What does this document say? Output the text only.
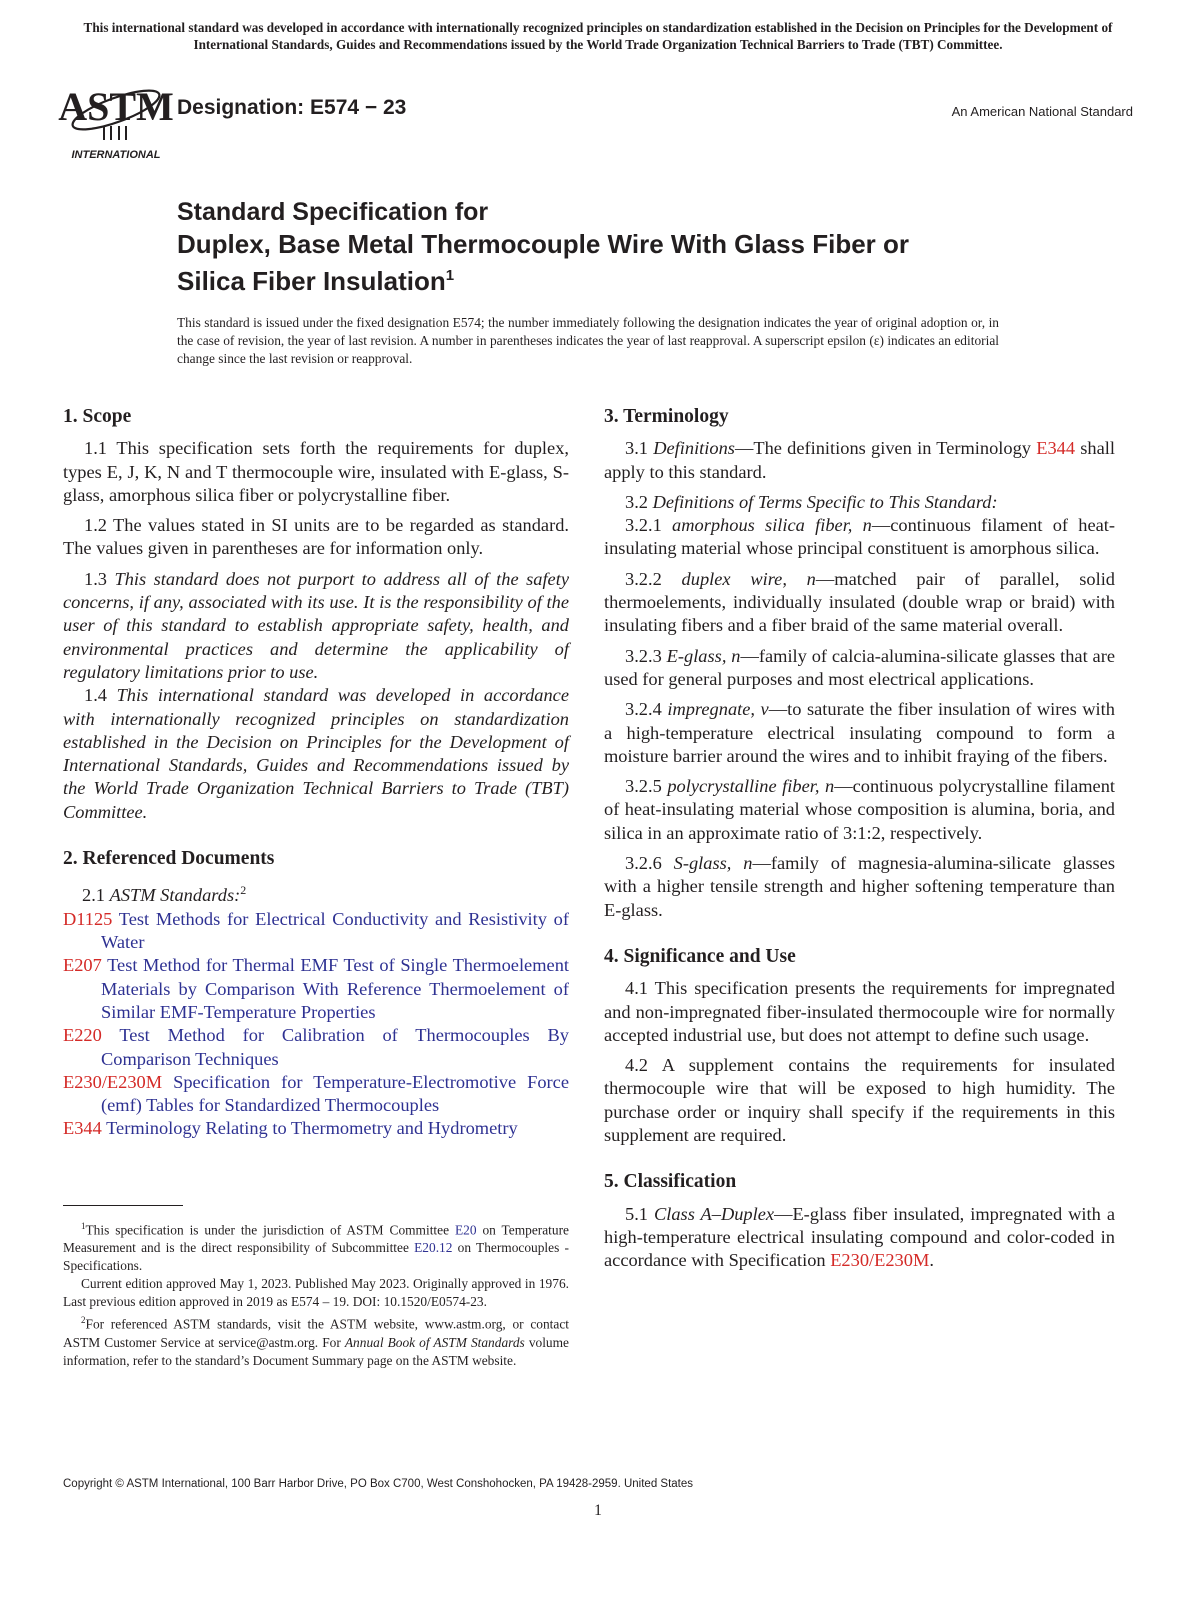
This international standard was developed in accordance with internationally recognized principles on standardization established in the Decision on Principles for the Development of International Standards, Guides and Recommendations issued by the World Trade Organization Technical Barriers to Trade (TBT) Committee.
ASTM
INTERNATIONAL
Designation: E574 − 23	An American National Standard
Standard Specification for
Duplex, Base Metal Thermocouple Wire With Glass Fiber or
Silica Fiber Insulation$^1$
This standard is issued under the fixed designation E574; the number immediately following the designation indicates the year of original adoption or, in the case of revision, the year of last revision. A number in parentheses indicates the year of last reapproval. A superscript epsilon (ε) indicates an editorial change since the last revision or reapproval.
1. Scope

1.1 This specification sets forth the requirements for duplex, types E, J, K, N and T thermocouple wire, insulated with E-glass, S-glass, amorphous silica fiber or polycrystalline fiber.

1.2 The values stated in SI units are to be regarded as standard. The values given in parentheses are for information only.

1.3 This standard does not purport to address all of the safety concerns, if any, associated with its use. It is the responsibility of the user of this standard to establish appropriate safety, health, and environmental practices and determine the applicability of regulatory limitations prior to use.

1.4 This international standard was developed in accordance with internationally recognized principles on standardization established in the Decision on Principles for the Development of International Standards, Guides and Recommendations issued by the World Trade Organization Technical Barriers to Trade (TBT) Committee.

2. Referenced Documents

2.1 ASTM Standards:$^2$

D1125 Test Methods for Electrical Conductivity and Resistivity of Water

E207 Test Method for Thermal EMF Test of Single Thermoelement Materials by Comparison With Reference Thermoelement of Similar EMF-Temperature Properties

E220 Test Method for Calibration of Thermocouples By Comparison Techniques

E230/E230M Specification for Temperature-Electromotive Force (emf) Tables for Standardized Thermocouples

E344 Terminology Relating to Thermometry and Hydrometry

$^1$This specification is under the jurisdiction of ASTM Committee E20 on Temperature Measurement and is the direct responsibility of Subcommittee E20.12 on Thermocouples - Specifications.

Current edition approved May 1, 2023. Published May 2023. Originally approved in 1976. Last previous edition approved in 2019 as E574 – 19. DOI: 10.1520/E0574-23.

$^2$For referenced ASTM standards, visit the ASTM website, www.astm.org, or contact ASTM Customer Service at service@astm.org. For Annual Book of ASTM Standards volume information, refer to the standard’s Document Summary page on the ASTM website.

3. Terminology

3.1 Definitions—The definitions given in Terminology E344 shall apply to this standard.

3.2 Definitions of Terms Specific to This Standard:

3.2.1 amorphous silica fiber, n—continuous filament of heat-insulating material whose principal constituent is amorphous silica.

3.2.2 duplex wire, n—matched pair of parallel, solid thermoelements, individually insulated (double wrap or braid) with insulating fibers and a fiber braid of the same material overall.

3.2.3 E-glass, n—family of calcia-alumina-silicate glasses that are used for general purposes and most electrical applications.

3.2.4 impregnate, v—to saturate the fiber insulation of wires with a high-temperature electrical insulating compound to form a moisture barrier around the wires and to inhibit fraying of the fibers.

3.2.5 polycrystalline fiber, n—continuous polycrystalline filament of heat-insulating material whose composition is alumina, boria, and silica in an approximate ratio of 3:1:2, respectively.

3.2.6 S-glass, n—family of magnesia-alumina-silicate glasses with a higher tensile strength and higher softening temperature than E-glass.

4. Significance and Use

4.1 This specification presents the requirements for impregnated and non-impregnated fiber-insulated thermocouple wire for normally accepted industrial use, but does not attempt to define such usage.

4.2 A supplement contains the requirements for insulated thermocouple wire that will be exposed to high humidity. The purchase order or inquiry shall specify if the requirements in this supplement are required.

5. Classification

5.1 Class A–Duplex—E-glass fiber insulated, impregnated with a high-temperature electrical insulating compound and color-coded in accordance with Specification E230/E230M.

Copyright © ASTM International, 100 Barr Harbor Drive, PO Box C700, West Conshohocken, PA 19428-2959. United States
1
